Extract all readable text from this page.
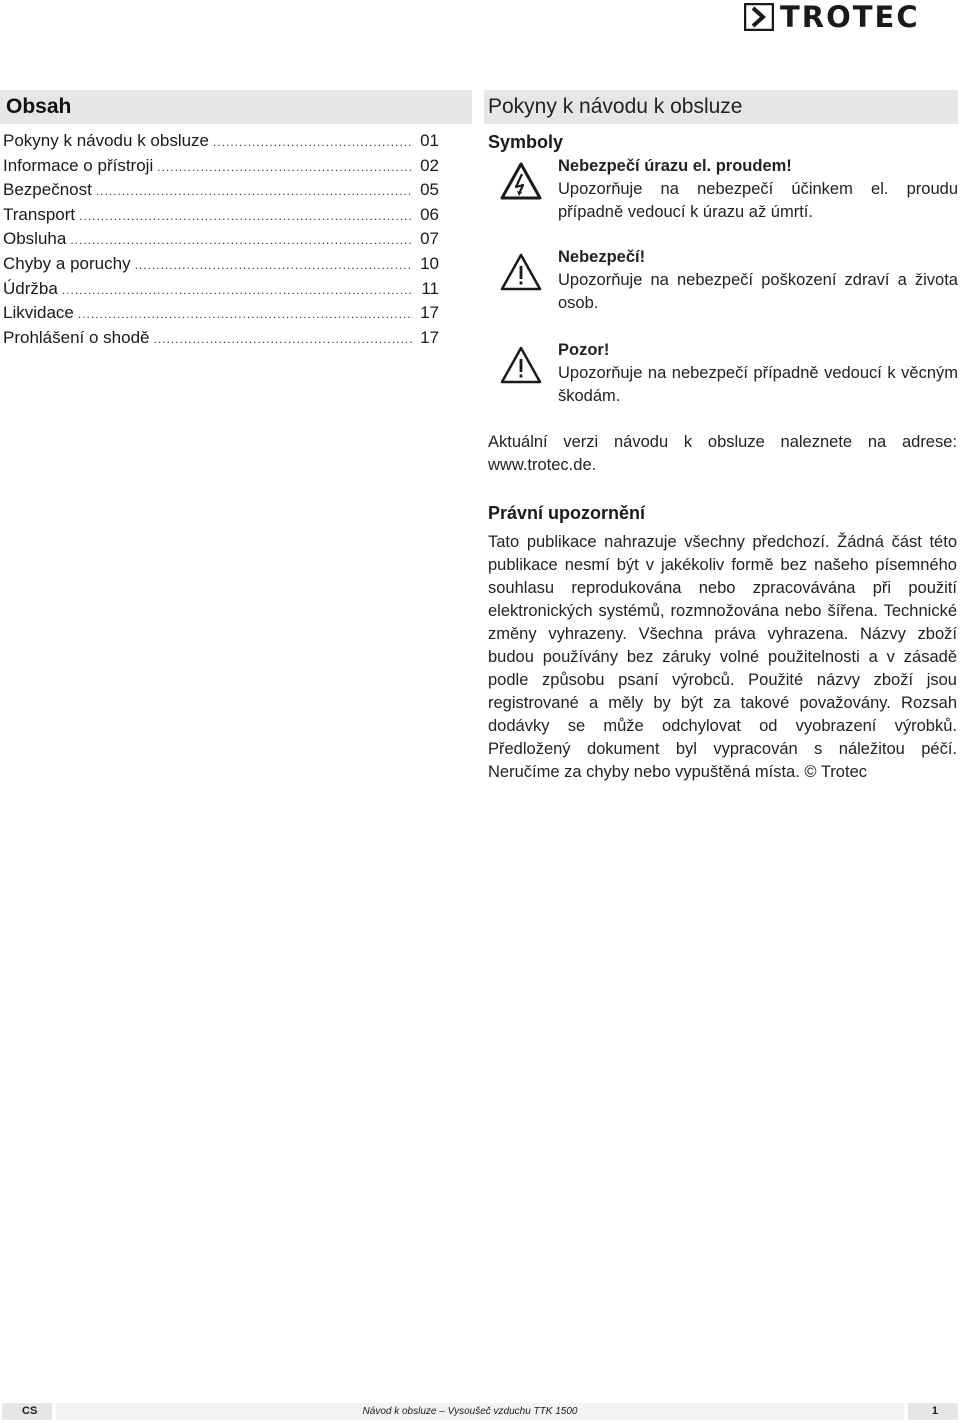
TROTEC
Obsah
Pokyny k návodu k obsluze .....	01
Informace o přístroji .....	02
Bezpečnost .....	05
Transport .....	06
Obsluha .....	07
Chyby a poruchy .....	10
Údržba .....	11
Likvidace .....	17
Prohlášení o shodě .....	17
Pokyny k návodu k obsluze
Symboly
Nebezpečí úrazu el. proudem!
Upozorňuje na nebezpečí účinkem el. proudu případně vedoucí k úrazu až úmrtí.
Nebezpečí!
Upozorňuje na nebezpečí poškození zdraví a života osob.
Pozor!
Upozorňuje na nebezpečí případně vedoucí k věcným škodám.
Aktuální verzi návodu k obsluze naleznete na adrese: www.trotec.de.
Právní upozornění
Tato publikace nahrazuje všechny předchozí. Žádná část této publikace nesmí být v jakékoliv formě bez našeho písemného souhlasu reprodukována nebo zpracovávána při použití elektronických systémů, rozmnožována nebo šířena. Technické změny vyhrazeny. Všechna práva vyhrazena. Názvy zboží budou používány bez záruky volné použitelnosti a v zásadě podle způsobu psaní výrobců. Použité názvy zboží jsou registrované a měly by být za takové považovány. Rozsah dodávky se může odchylovat od vyobrazení výrobků. Předložený dokument byl vypracován s náležitou péčí. Neručíme za chyby nebo vypuštěná místa. © Trotec
CS	Návod k obsluze – Vysoušeč vzduchu TTK 1500	1
